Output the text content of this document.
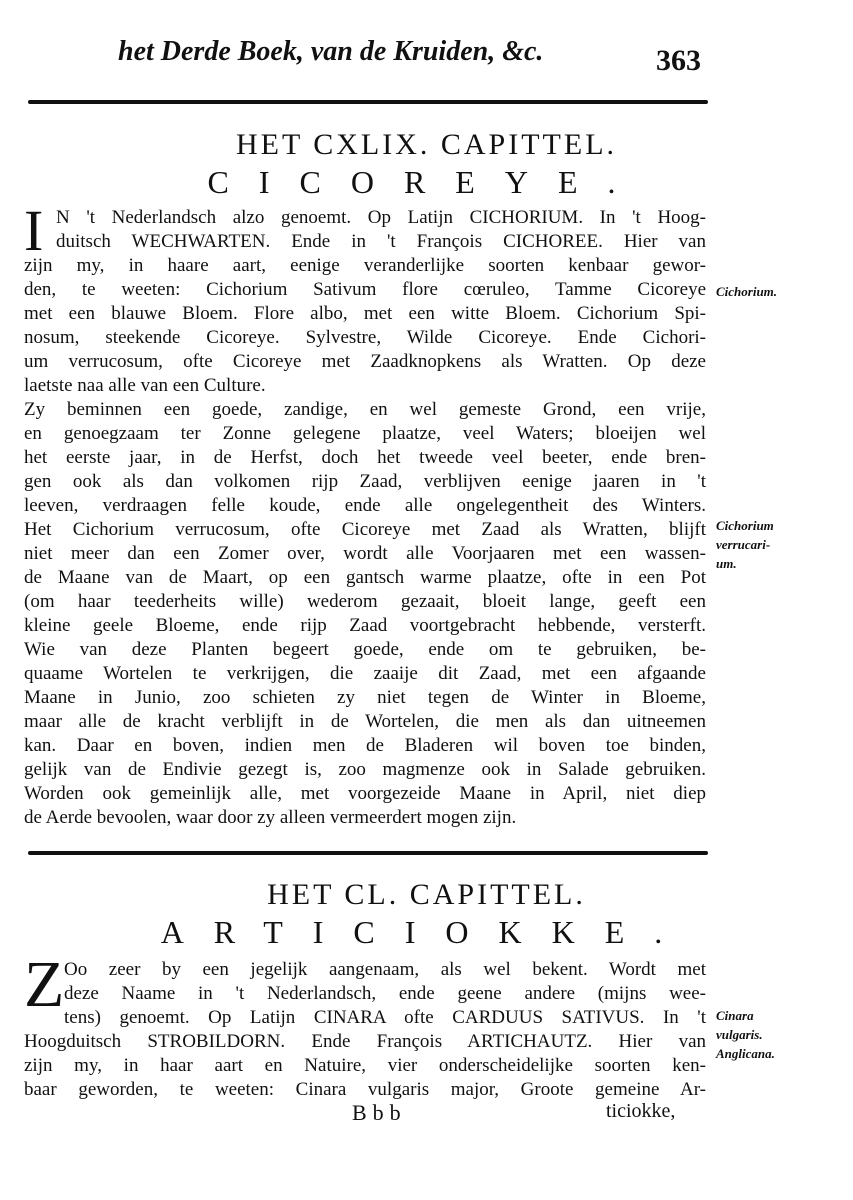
het Derde Boek, van de Kruiden, &c.	363
HET CXLIX. CAPITTEL.
CICOREYE.
I N 't Nederlandsch alzo genoemt. Op Latijn CICHORIUM. In 't Hoog-
duitsch WECHWARTEN. Ende in 't François CICHOREE. Hier van
zijn my, in haare aart, eenige veranderlijke soorten kenbaar gewor-
den, te weeten: Cichorium Sativum flore cœruleo, Tamme Cicoreye
met een blauwe Bloem. Flore albo, met een witte Bloem. Cichorium Spi-
nosum, steekende Cicoreye. Sylvestre, Wilde Cicoreye. Ende Cichori-
um verrucosum, ofte Cicoreye met Zaadknopkens als Wratten. Op deze
laetste naa alle van een Culture.
Zy beminnen een goede, zandige, en wel gemeste Grond, een vrije,
en genoegzaam ter Zonne gelegene plaatze, veel Waters; bloeijen wel
het eerste jaar, in de Herfst, doch het tweede veel beeter, ende bren-
gen ook als dan volkomen rijp Zaad, verblijven eenige jaaren in 't
leeven, verdraagen felle koude, ende alle ongelegentheit des Winters.
Het Cichorium verrucosum, ofte Cicoreye met Zaad als Wratten, blijft
niet meer dan een Zomer over, wordt alle Voorjaaren met een wassen-
de Maane van de Maart, op een gantsch warme plaatze, ofte in een Pot
(om haar teederheits wille) wederom gezaait, bloeit lange, geeft een
kleine geele Bloeme, ende rijp Zaad voortgebracht hebbende, versterft.
Wie van deze Planten begeert goede, ende om te gebruiken, be-
quaame Wortelen te verkrijgen, die zaaije dit Zaad, met een afgaande
Maane in Junio, zoo schieten zy niet tegen de Winter in Bloeme,
maar alle de kracht verblijft in de Wortelen, die men als dan uitneemen
kan. Daar en boven, indien men de Bladeren wil boven toe binden,
gelijk van de Endivie gezegt is, zoo magmenze ook in Salade gebruiken.
Worden ook gemeinlijk alle, met voorgezeide Maane in April, niet diep
de Aerde bevoolen, waar door zy alleen vermeerdert mogen zijn.
Cichorium.
Cichorium
verrucari-
um.
HET CL. CAPITTEL.
ARTICIOKKE.
Z Oo zeer by een jegelijk aangenaam, als wel bekent. Wordt met
deze Naame in 't Nederlandsch, ende geene andere (mijns wee-
tens) genoemt. Op Latijn CINARA ofte CARDUUS SATIVUS. In 't
Hoogduitsch STROBILDORN. Ende François ARTICHAUTZ. Hier van
zijn my, in haar aart en Natuire, vier onderscheidelijke soorten ken-
baar geworden, te weeten: Cinara vulgaris major, Groote gemeine Ar-
Cinara
vulgaris.
Anglicana.
Bbb	ticiokke,
